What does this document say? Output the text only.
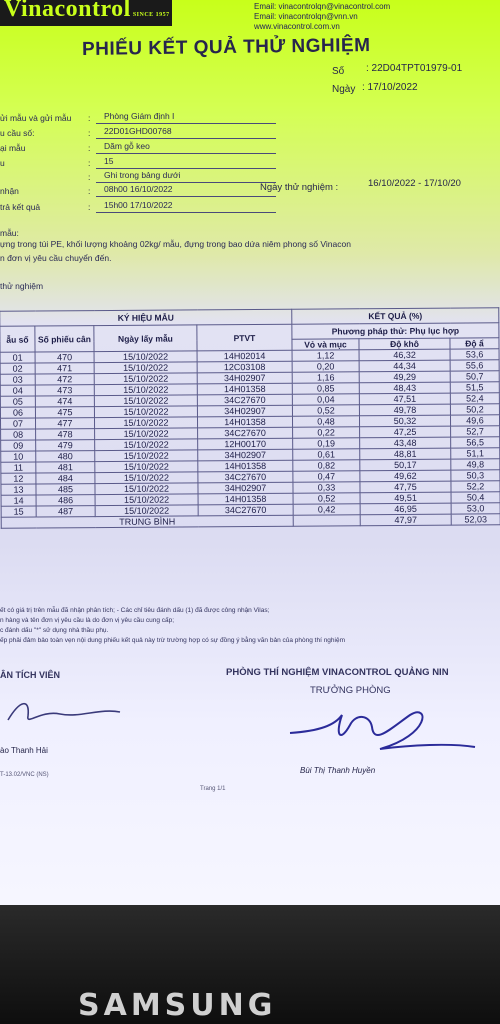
Vinacontrol SINCE 1957
Email: vinacontrolqn@vinacontrol.com
Email: vinacontrolqn@vnn.vn
www.vinacontrol.com.vn
PHIẾU KẾT QUẢ THỬ NGHIỆM
Số : 22D04TPT01979-01
Ngày : 17/10/2022
ửi mẫu và gửi mẫu : Phòng Giám định I
u cầu số:	: 22D01GHD00768
ại mẫu	: Dăm gỗ keo
u	: 15
: Ghi trong bảng dưới
nhận	: 08h00 16/10/2022
trả kết quả	: 15h00 17/10/2022
Ngày thử nghiệm :	16/10/2022 - 17/10/20
mẫu:
ựng trong túi PE, khối lượng khoảng 02kg/ mẫu, đựng trong bao dứa niêm phong số Vinacon
n đơn vị yêu cầu chuyển đến.
thử nghiệm
KÝ HIỆU MẪU				KẾT QUẢ (%)		
ẫu số	Số phiếu cân	Ngày lấy mẫu	PTVT	Phương pháp thử: Phụ lục hợp		
				Vỏ và mục	Độ khô	Độ ẩ
01	470	15/10/2022	14H02014	1,12	46,32	53,6
02	471	15/10/2022	12C03108	0,20	44,34	55,6
03	472	15/10/2022	34H02907	1,16	49,29	50,7
04	473	15/10/2022	14H01358	0,85	48,43	51,5
05	474	15/10/2022	34C27670	0,04	47,51	52,4
06	475	15/10/2022	34H02907	0,52	49,78	50,2
07	477	15/10/2022	14H01358	0,48	50,32	49,6
08	478	15/10/2022	34C27670	0,22	47,25	52,7
09	479	15/10/2022	12H00170	0,19	43,48	56,5
10	480	15/10/2022	34H02907	0,61	48,81	51,1
11	481	15/10/2022	14H01358	0,82	50,17	49,8
12	484	15/10/2022	34C27670	0,47	49,62	50,3
13	485	15/10/2022	34H02907	0,33	47,75	52,2
14	486	15/10/2022	14H01358	0,52	49,51	50,4
15	487	15/10/2022	34C27670	0,42	46,95	53,0
TRUNG BÌNH					47,97	52,03
ết có giá trị trên mẫu đã nhận phân tích; - Các chỉ tiêu đánh dấu (1) đã được công nhận Vilas;
n hàng và tên đơn vị yêu cầu là do đơn vị yêu cầu cung cấp;
c đánh dấu "*" sử dụng nhà thầu phụ.
ếp phải đảm bảo toàn vẹn nội dung phiếu kết quả này trừ trường hợp có sự đồng ý bằng văn bản của phòng thí nghiệm
ÂN TÍCH VIÊN	PHÒNG THÍ NGHIỆM VINACONTROL QUẢNG NIN
TRƯỞNG PHÒNG
ào Thanh Hải
Bùi Thị Thanh Huyền
T-13.02/VNC (NS)
Trang 1/1
SAMSUNG
